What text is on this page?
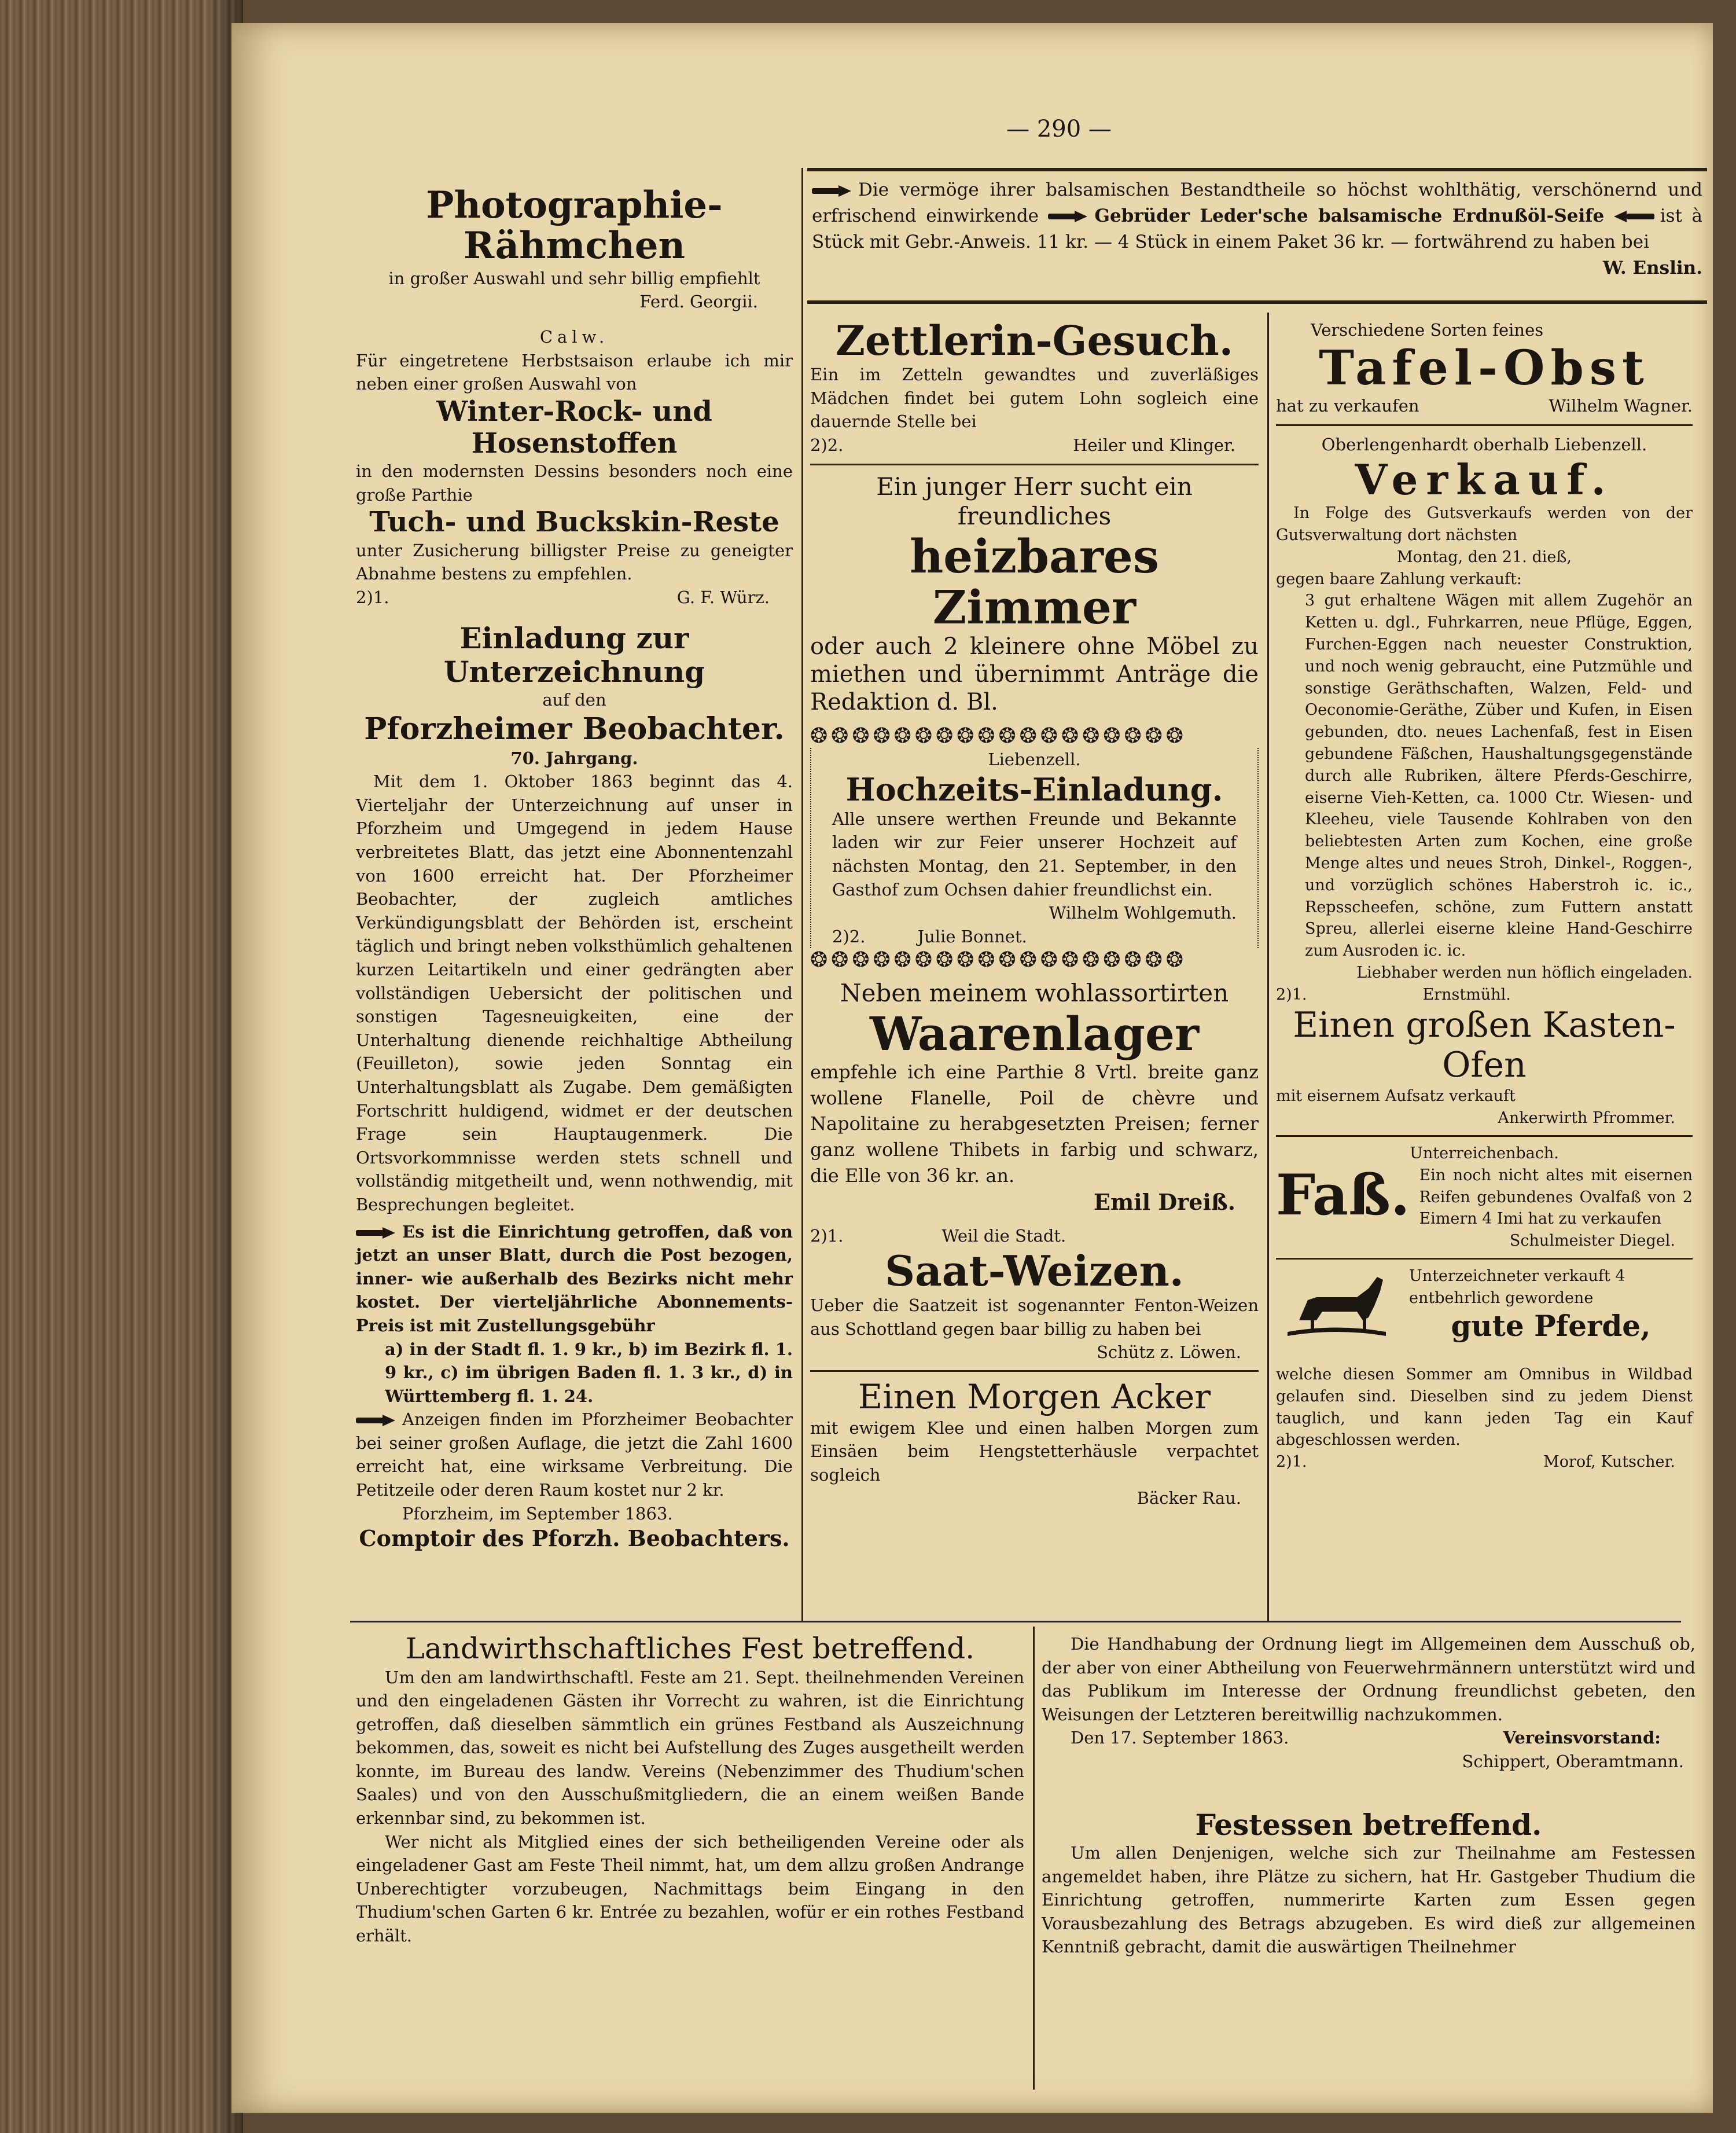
— 290 —
Photographie-Rähmchen
in großer Auswahl und sehr billig empfiehlt
Ferd. Georgii.
Calw.
Für eingetretene Herbstsaison erlaube ich mir neben einer großen Auswahl von
Winter-Rock- und Hosenstoffen
in den modernsten Dessins besonders noch eine große Parthie
Tuch- und Buckskin-Reste
unter Zusicherung billigster Preise zu geneigter Abnahme bestens zu empfehlen.
2)1.	G. F. Würz.
Einladung zur Unterzeichnung
auf den
Pforzheimer Beobachter.
70. Jahrgang.

Mit dem 1. Oktober 1863 beginnt das 4. Vierteljahr der Unterzeichnung auf unser in Pforzheim und Umgegend in jedem Hause verbreitetes Blatt, das jetzt eine Abonnentenzahl von 1600 erreicht hat. Der Pforzheimer Beobachter, der zugleich amtliches Verkündigungsblatt der Behörden ist, erscheint täglich und bringt neben volksthümlich gehaltenen kurzen Leitartikeln und einer gedrängten aber vollständigen Uebersicht der politischen und sonstigen Tagesneuigkeiten, eine der Unterhaltung dienende reichhaltige Abtheilung (Feuilleton), sowie jeden Sonntag ein Unterhaltungsblatt als Zugabe. Dem gemäßigten Fortschritt huldigend, widmet er der deutschen Frage sein Hauptaugenmerk. Die Ortsvorkommnisse werden stets schnell und vollständig mitgetheilt und, wenn nothwendig, mit Besprechungen begleitet.

Es ist die Einrichtung getroffen, daß von jetzt an unser Blatt, durch die Post bezogen, inner- wie außerhalb des Bezirks nicht mehr kostet. Der vierteljährliche Abonnements-Preis ist mit Zustellungsgebühr

a) in der Stadt fl. 1. 9 kr., b) im Bezirk fl. 1. 9 kr., c) im übrigen Baden fl. 1. 3 kr., d) in Württemberg fl. 1. 24.

Anzeigen finden im Pforzheimer Beobachter bei seiner großen Auflage, die jetzt die Zahl 1600 erreicht hat, eine wirksame Verbreitung. Die Petitzeile oder deren Raum kostet nur 2 kr.

Pforzheim, im September 1863.
Comptoir des Pforzh. Beobachters.

Die vermöge ihrer balsamischen Bestandtheile so höchst wohlthätig, verschönernd und erfrischend einwirkende	Gebrüder Leder'sche balsamische Erdnußöl-Seife	ist à Stück mit Gebr.-Anweis. 11 kr. — 4 Stück in einem Paket 36 kr. — fortwährend zu haben bei
W. Enslin.

Zettlerin-Gesuch.

Ein im Zetteln gewandtes und zuverläßiges Mädchen findet bei gutem Lohn sogleich eine dauernde Stelle bei

2)2.	Heiler und Klinger.
Ein junger Herr sucht ein freundliches
heizbares Zimmer

oder auch 2 kleinere ohne Möbel zu miethen und übernimmt Anträge die Redaktion d. Bl.

❂❂❂❂❂❂❂❂❂❂❂❂❂❂❂❂❂❂
Liebenzell.
Hochzeits-Einladung.

Alle unsere werthen Freunde und Bekannte laden wir zur Feier unserer Hochzeit auf nächsten Montag, den 21. September, in den Gasthof zum Ochsen dahier freundlichst ein.

Wilhelm Wohlgemuth.
2)2.	Julie Bonnet.
❂❂❂❂❂❂❂❂❂❂❂❂❂❂❂❂❂❂
Neben meinem wohlassortirten
Waarenlager

empfehle ich eine Parthie 8 Vrtl. breite ganz wollene Flanelle, Poil de chèvre und Napolitaine zu herabgesetzten Preisen; ferner ganz wollene Thibets in farbig und schwarz, die Elle von 36 kr. an.

Emil Dreiß.
2)1.	Weil die Stadt.
Saat-Weizen.

Ueber die Saatzeit ist sogenannter Fenton-Weizen aus Schottland gegen baar billig zu haben bei

Schütz z. Löwen.
Einen Morgen Acker

mit ewigem Klee und einen halben Morgen zum Einsäen beim Hengstetterhäusle verpachtet sogleich

Bäcker Rau.
Verschiedene Sorten feines
Tafel-Obst
hat zu verkaufen	Wilhelm Wagner.
Oberlengenhardt oberhalb Liebenzell.
Verkauf.

In Folge des Gutsverkaufs werden von der Gutsverwaltung dort nächsten

Montag, den 21. dieß,
gegen baare Zahlung verkauft:

3 gut erhaltene Wägen mit allem Zugehör an Ketten u. dgl., Fuhrkarren, neue Pflüge, Eggen, Furchen-Eggen nach neuester Construktion, und noch wenig gebraucht, eine Putzmühle und sonstige Geräthschaften, Walzen, Feld- und Oeconomie-Geräthe, Züber und Kufen, in Eisen gebunden, dto. neues Lachenfaß, fest in Eisen gebundene Fäßchen, Haushaltungsgegenstände durch alle Rubriken, ältere Pferds-Geschirre, eiserne Vieh-Ketten, ca. 1000 Ctr. Wiesen- und Kleeheu, viele Tausende Kohlraben von den beliebtesten Arten zum Kochen, eine große Menge altes und neues Stroh, Dinkel-, Roggen-, und vorzüglich schönes Haberstroh ic. ic., Repsscheefen, schöne, zum Futtern anstatt Spreu, allerlei eiserne kleine Hand-Geschirre zum Ausroden ic. ic.

Liebhaber werden nun höflich eingeladen.
2)1.	Ernstmühl.
Einen großen Kasten-Ofen
mit eisernem Aufsatz verkauft
Ankerwirth Pfrommer.
Unterreichenbach.
Faß. Ein noch nicht altes mit eisernen Reifen gebundenes Ovalfaß von 2 Eimern 4 Imi hat zu verkaufen

Schulmeister Diegel.
Unterzeichneter verkauft 4 entbehrlich gewordene
gute Pferde,

welche diesen Sommer am Omnibus in Wildbad gelaufen sind. Dieselben sind zu jedem Dienst tauglich, und kann jeden Tag ein Kauf abgeschlossen werden.

2)1.	Morof, Kutscher.
Landwirthschaftliches Fest betreffend.

Um den am landwirthschaftl. Feste am 21. Sept. theilnehmenden Vereinen und den eingeladenen Gästen ihr Vorrecht zu wahren, ist die Einrichtung getroffen, daß dieselben sämmtlich ein grünes Festband als Auszeichnung bekommen, das, soweit es nicht bei Aufstellung des Zuges ausgetheilt werden konnte, im Bureau des landw. Vereins (Nebenzimmer des Thudium'schen Saales) und von den Ausschußmitgliedern, die an einem weißen Bande erkennbar sind, zu bekommen ist.

Wer nicht als Mitglied eines der sich betheiligenden Vereine oder als eingeladener Gast am Feste Theil nimmt, hat, um dem allzu großen Andrange Unberechtigter vorzubeugen, Nachmittags beim Eingang in den Thudium'schen Garten 6 kr. Entrée zu bezahlen, wofür er ein rothes Festband erhält.

Die Handhabung der Ordnung liegt im Allgemeinen dem Ausschuß ob, der aber von einer Abtheilung von Feuerwehrmännern unterstützt wird und das Publikum im Interesse der Ordnung freundlichst gebeten, den Weisungen der Letzteren bereitwillig nachzukommen.

Den 17. September 1863.	Vereinsvorstand:
Schippert, Oberamtmann.
Festessen betreffend.

Um allen Denjenigen, welche sich zur Theilnahme am Festessen angemeldet haben, ihre Plätze zu sichern, hat Hr. Gastgeber Thudium die Einrichtung getroffen, nummerirte Karten zum Essen gegen Vorausbezahlung des Betrags abzugeben. Es wird dieß zur allgemeinen Kenntniß gebracht, damit die auswärtigen Theilnehmer
